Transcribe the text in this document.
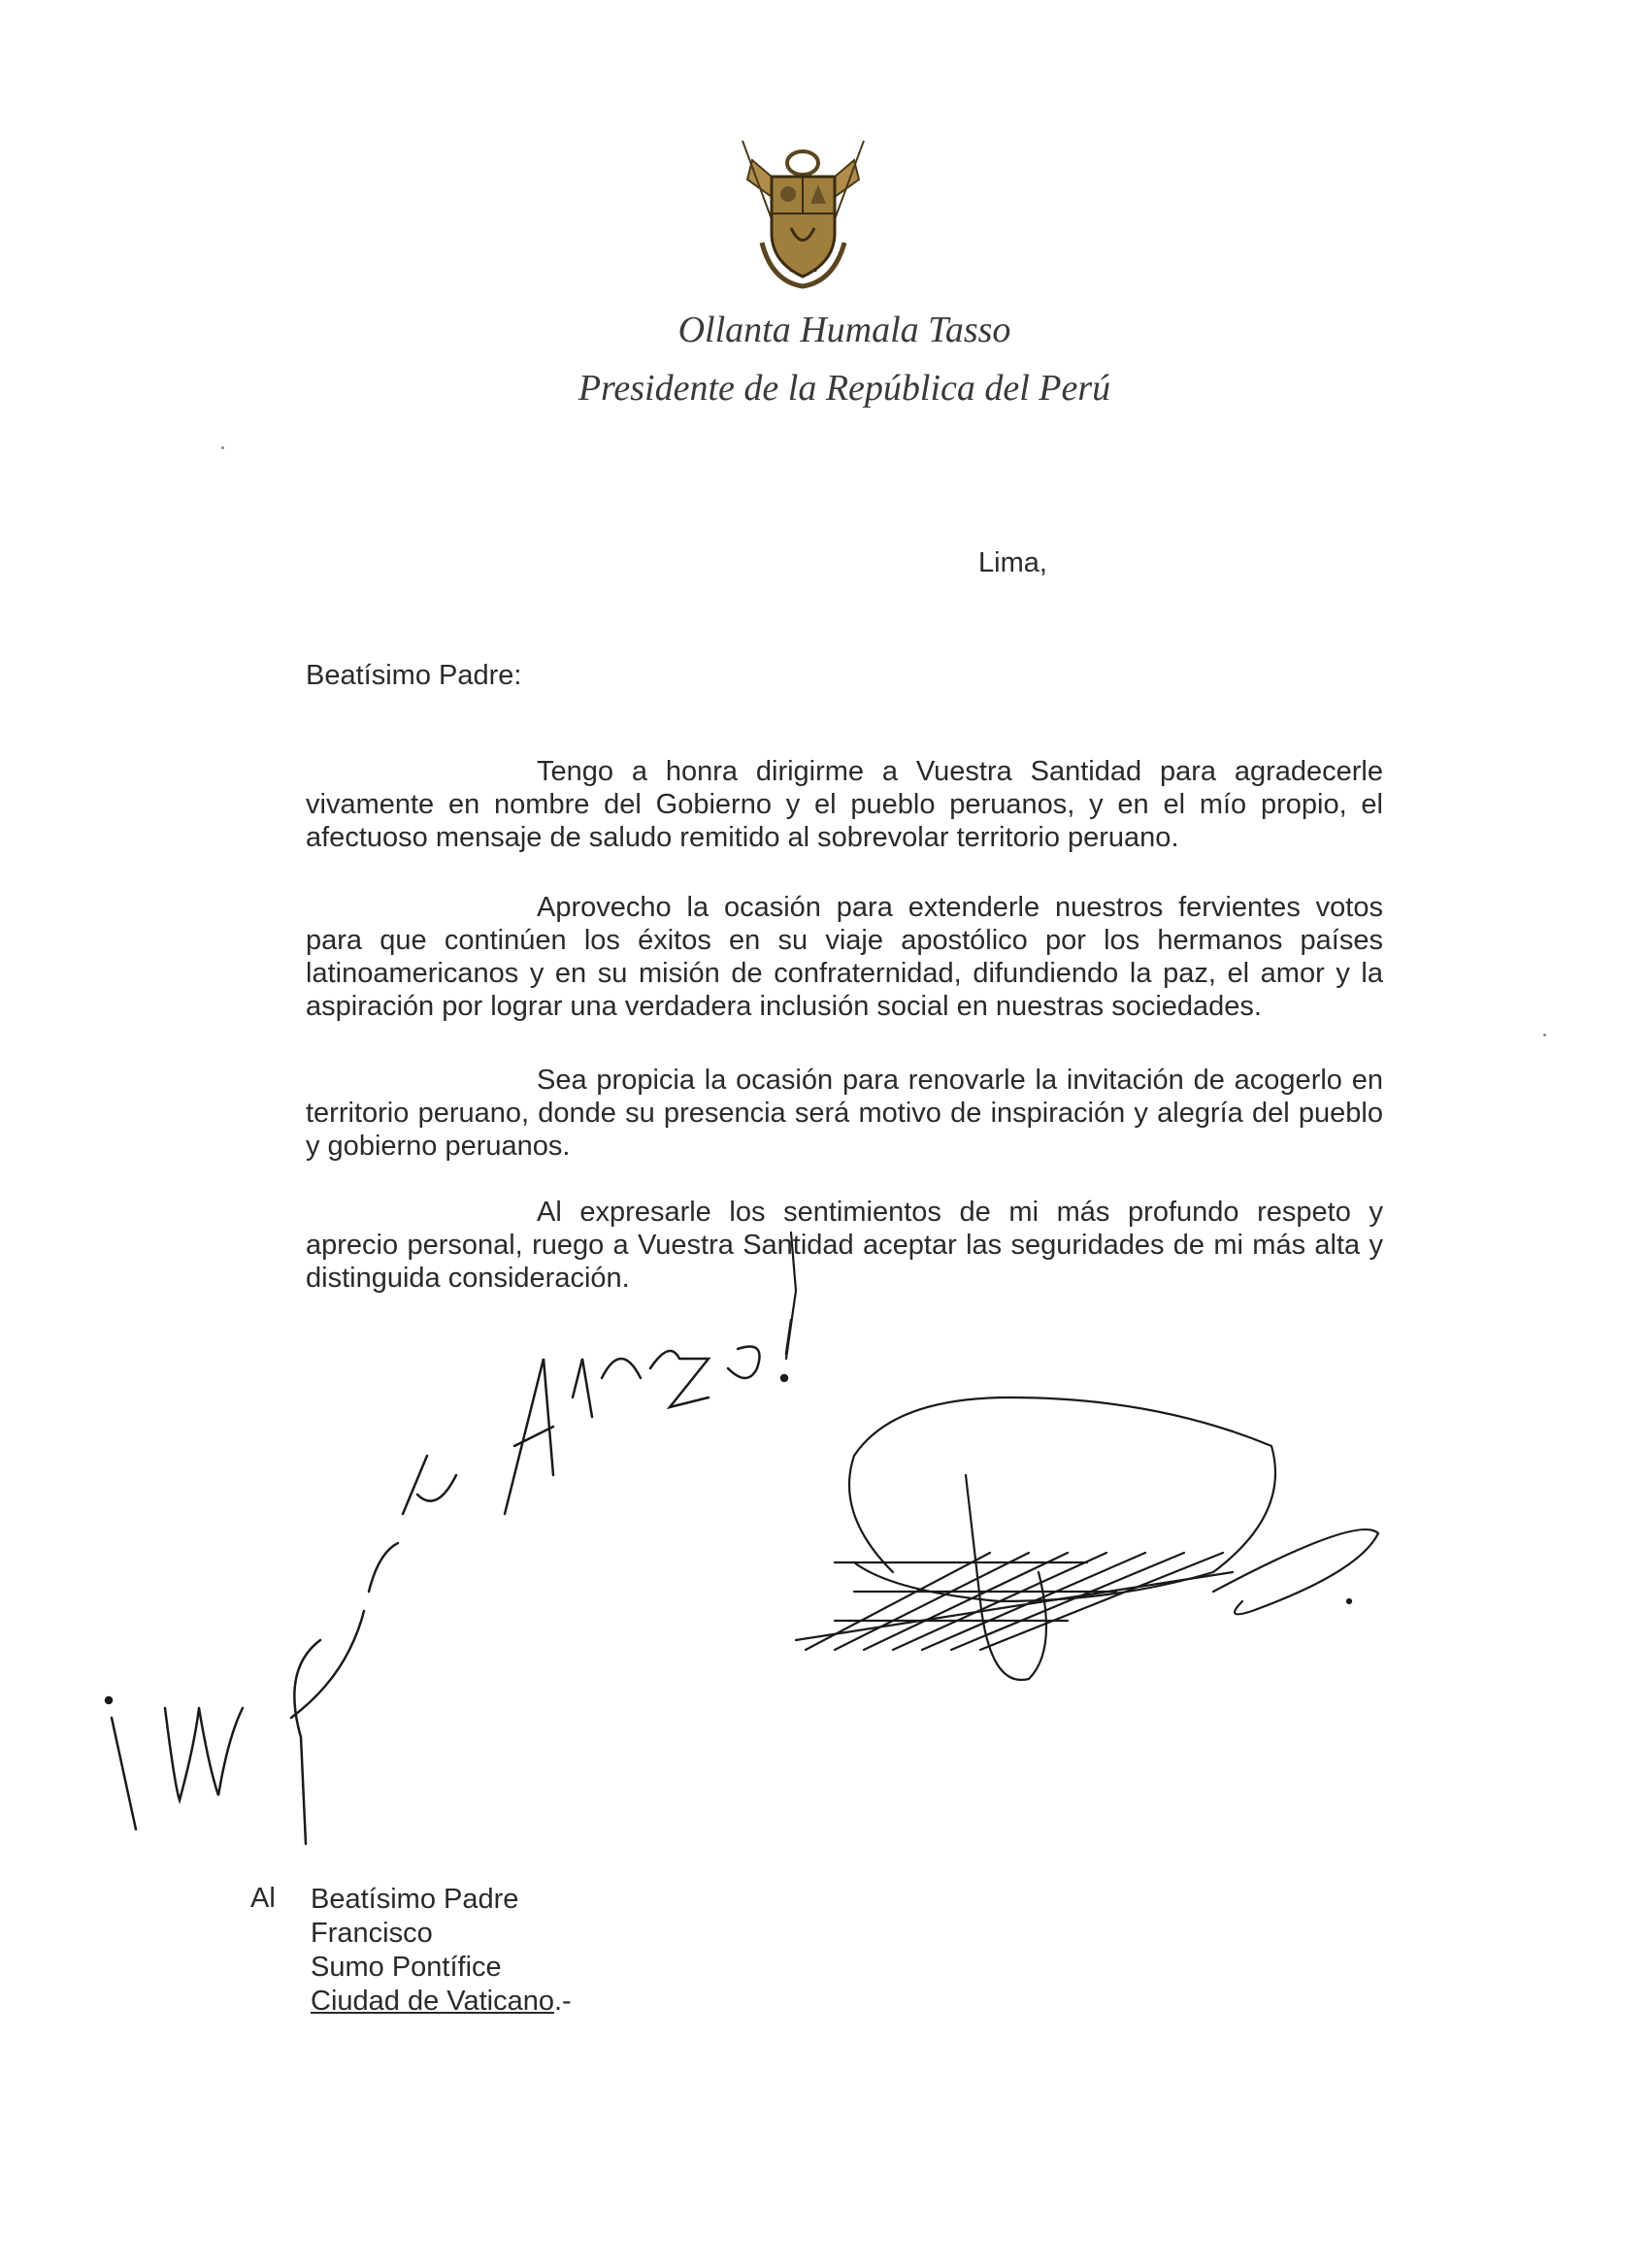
Ollanta Humala Tasso
Presidente de la República del Perú
Lima,
Beatísimo Padre:

Tengo a honra dirigirme a Vuestra Santidad para agradecerle vivamente en nombre del Gobierno y el pueblo peruanos, y en el mío propio, el afectuoso mensaje de saludo remitido al sobrevolar territorio peruano.

Aprovecho la ocasión para extenderle nuestros fervientes votos para que continúen los éxitos en su viaje apostólico por los hermanos países latinoamericanos y en su misión de confraternidad, difundiendo la paz, el amor y la aspiración por lograr una verdadera inclusión social en nuestras sociedades.

Sea propicia la ocasión para renovarle la invitación de acogerlo en territorio peruano, donde su presencia será motivo de inspiración y alegría del pueblo y gobierno peruanos.

Al expresarle los sentimientos de mi más profundo respeto y aprecio personal, ruego a Vuestra Santidad aceptar las seguridades de mi más alta y distinguida consideración.

Al Beatísimo Padre
Francisco
Sumo Pontífice
Ciudad de Vaticano.-
